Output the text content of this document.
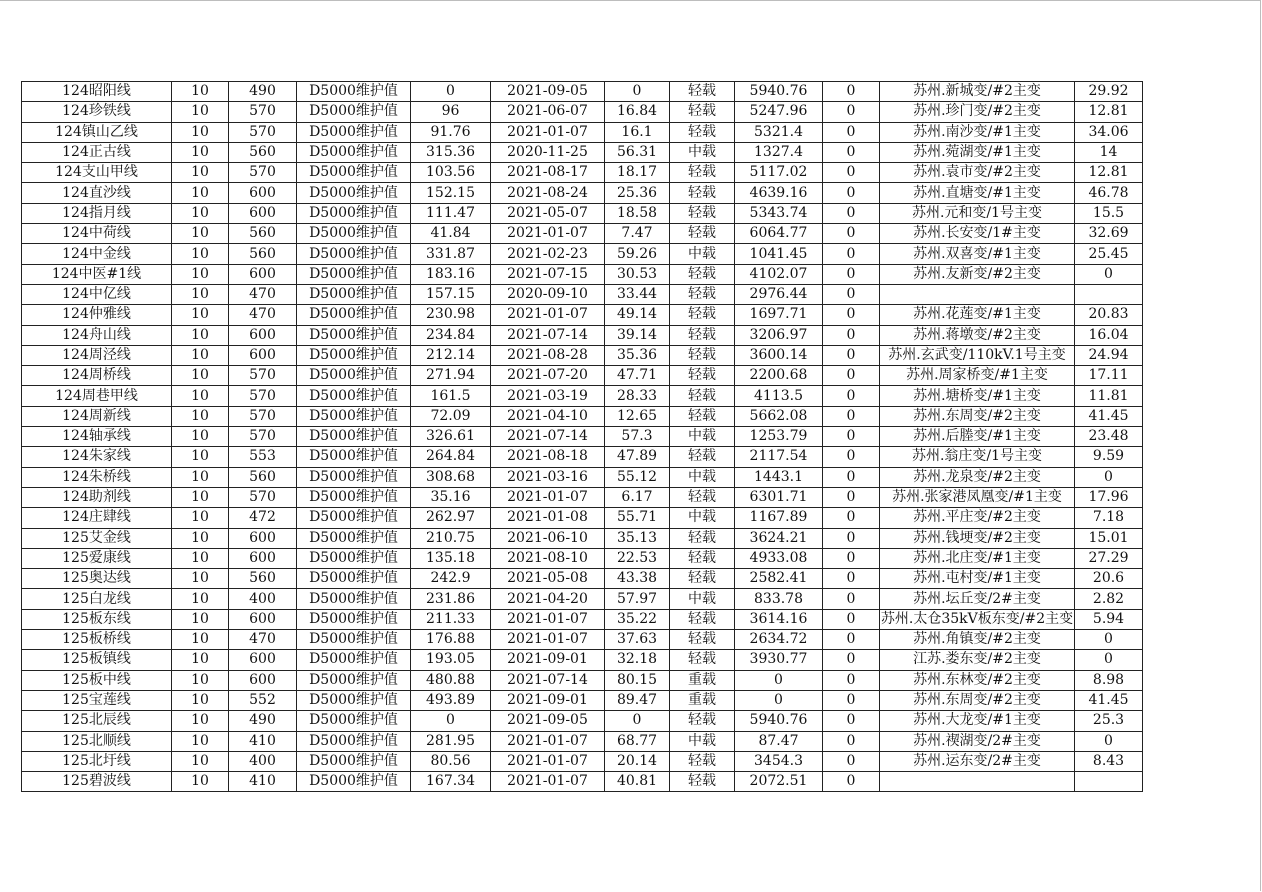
124昭阳线	10	490	D5000维护值	0	2021-09-05	0	轻载	5940.76	0	苏州.新城变/#2主变	29.92
124珍铁线	10	570	D5000维护值	96	2021-06-07	16.84	轻载	5247.96	0	苏州.珍门变/#2主变	12.81
124镇山乙线	10	570	D5000维护值	91.76	2021-01-07	16.1	轻载	5321.4	0	苏州.南沙变/#1主变	34.06
124正古线	10	560	D5000维护值	315.36	2020-11-25	56.31	中载	1327.4	0	苏州.菀湖变/#1主变	14
124支山甲线	10	570	D5000维护值	103.56	2021-08-17	18.17	轻载	5117.02	0	苏州.袁市变/#2主变	12.81
124直沙线	10	600	D5000维护值	152.15	2021-08-24	25.36	轻载	4639.16	0	苏州.直塘变/#1主变	46.78
124指月线	10	600	D5000维护值	111.47	2021-05-07	18.58	轻载	5343.74	0	苏州.元和变/1号主变	15.5
124中荷线	10	560	D5000维护值	41.84	2021-01-07	7.47	轻载	6064.77	0	苏州.长安变/1#主变	32.69
124中金线	10	560	D5000维护值	331.87	2021-02-23	59.26	中载	1041.45	0	苏州.双喜变/#1主变	25.45
124中医#1线	10	600	D5000维护值	183.16	2021-07-15	30.53	轻载	4102.07	0	苏州.友新变/#2主变	0
124中亿线	10	470	D5000维护值	157.15	2020-09-10	33.44	轻载	2976.44	0		
124仲雅线	10	470	D5000维护值	230.98	2021-01-07	49.14	轻载	1697.71	0	苏州.花莲变/#1主变	20.83
124舟山线	10	600	D5000维护值	234.84	2021-07-14	39.14	轻载	3206.97	0	苏州.蒋墩变/#2主变	16.04
124周泾线	10	600	D5000维护值	212.14	2021-08-28	35.36	轻载	3600.14	0	苏州.玄武变/110kV.1号主变	24.94
124周桥线	10	570	D5000维护值	271.94	2021-07-20	47.71	轻载	2200.68	0	苏州.周家桥变/#1主变	17.11
124周巷甲线	10	570	D5000维护值	161.5	2021-03-19	28.33	轻载	4113.5	0	苏州.塘桥变/#1主变	11.81
124周新线	10	570	D5000维护值	72.09	2021-04-10	12.65	轻载	5662.08	0	苏州.东周变/#2主变	41.45
124轴承线	10	570	D5000维护值	326.61	2021-07-14	57.3	中载	1253.79	0	苏州.后塍变/#1主变	23.48
124朱家线	10	553	D5000维护值	264.84	2021-08-18	47.89	轻载	2117.54	0	苏州.翁庄变/1号主变	9.59
124朱桥线	10	560	D5000维护值	308.68	2021-03-16	55.12	中载	1443.1	0	苏州.龙泉变/#2主变	0
124助剂线	10	570	D5000维护值	35.16	2021-01-07	6.17	轻载	6301.71	0	苏州.张家港凤凰变/#1主变	17.96
124庄肆线	10	472	D5000维护值	262.97	2021-01-08	55.71	中载	1167.89	0	苏州.平庄变/#2主变	7.18
125艾金线	10	600	D5000维护值	210.75	2021-06-10	35.13	轻载	3624.21	0	苏州.钱埂变/#2主变	15.01
125爱康线	10	600	D5000维护值	135.18	2021-08-10	22.53	轻载	4933.08	0	苏州.北庄变/#1主变	27.29
125奥达线	10	560	D5000维护值	242.9	2021-05-08	43.38	轻载	2582.41	0	苏州.屯村变/#1主变	20.6
125白龙线	10	400	D5000维护值	231.86	2021-04-20	57.97	中载	833.78	0	苏州.坛丘变/2#主变	2.82
125板东线	10	600	D5000维护值	211.33	2021-01-07	35.22	轻载	3614.16	0	苏州.太仓35kV板东变/#2主变	5.94
125板桥线	10	470	D5000维护值	176.88	2021-01-07	37.63	轻载	2634.72	0	苏州.角镇变/#2主变	0
125板镇线	10	600	D5000维护值	193.05	2021-09-01	32.18	轻载	3930.77	0	江苏.娄东变/#2主变	0
125板中线	10	600	D5000维护值	480.88	2021-07-14	80.15	重载	0	0	苏州.东林变/#2主变	8.98
125宝莲线	10	552	D5000维护值	493.89	2021-09-01	89.47	重载	0	0	苏州.东周变/#2主变	41.45
125北辰线	10	490	D5000维护值	0	2021-09-05	0	轻载	5940.76	0	苏州.大龙变/#1主变	25.3
125北顺线	10	410	D5000维护值	281.95	2021-01-07	68.77	中载	87.47	0	苏州.禊湖变/2#主变	0
125北圩线	10	400	D5000维护值	80.56	2021-01-07	20.14	轻载	3454.3	0	苏州.运东变/2#主变	8.43
125碧波线	10	410	D5000维护值	167.34	2021-01-07	40.81	轻载	2072.51	0		
